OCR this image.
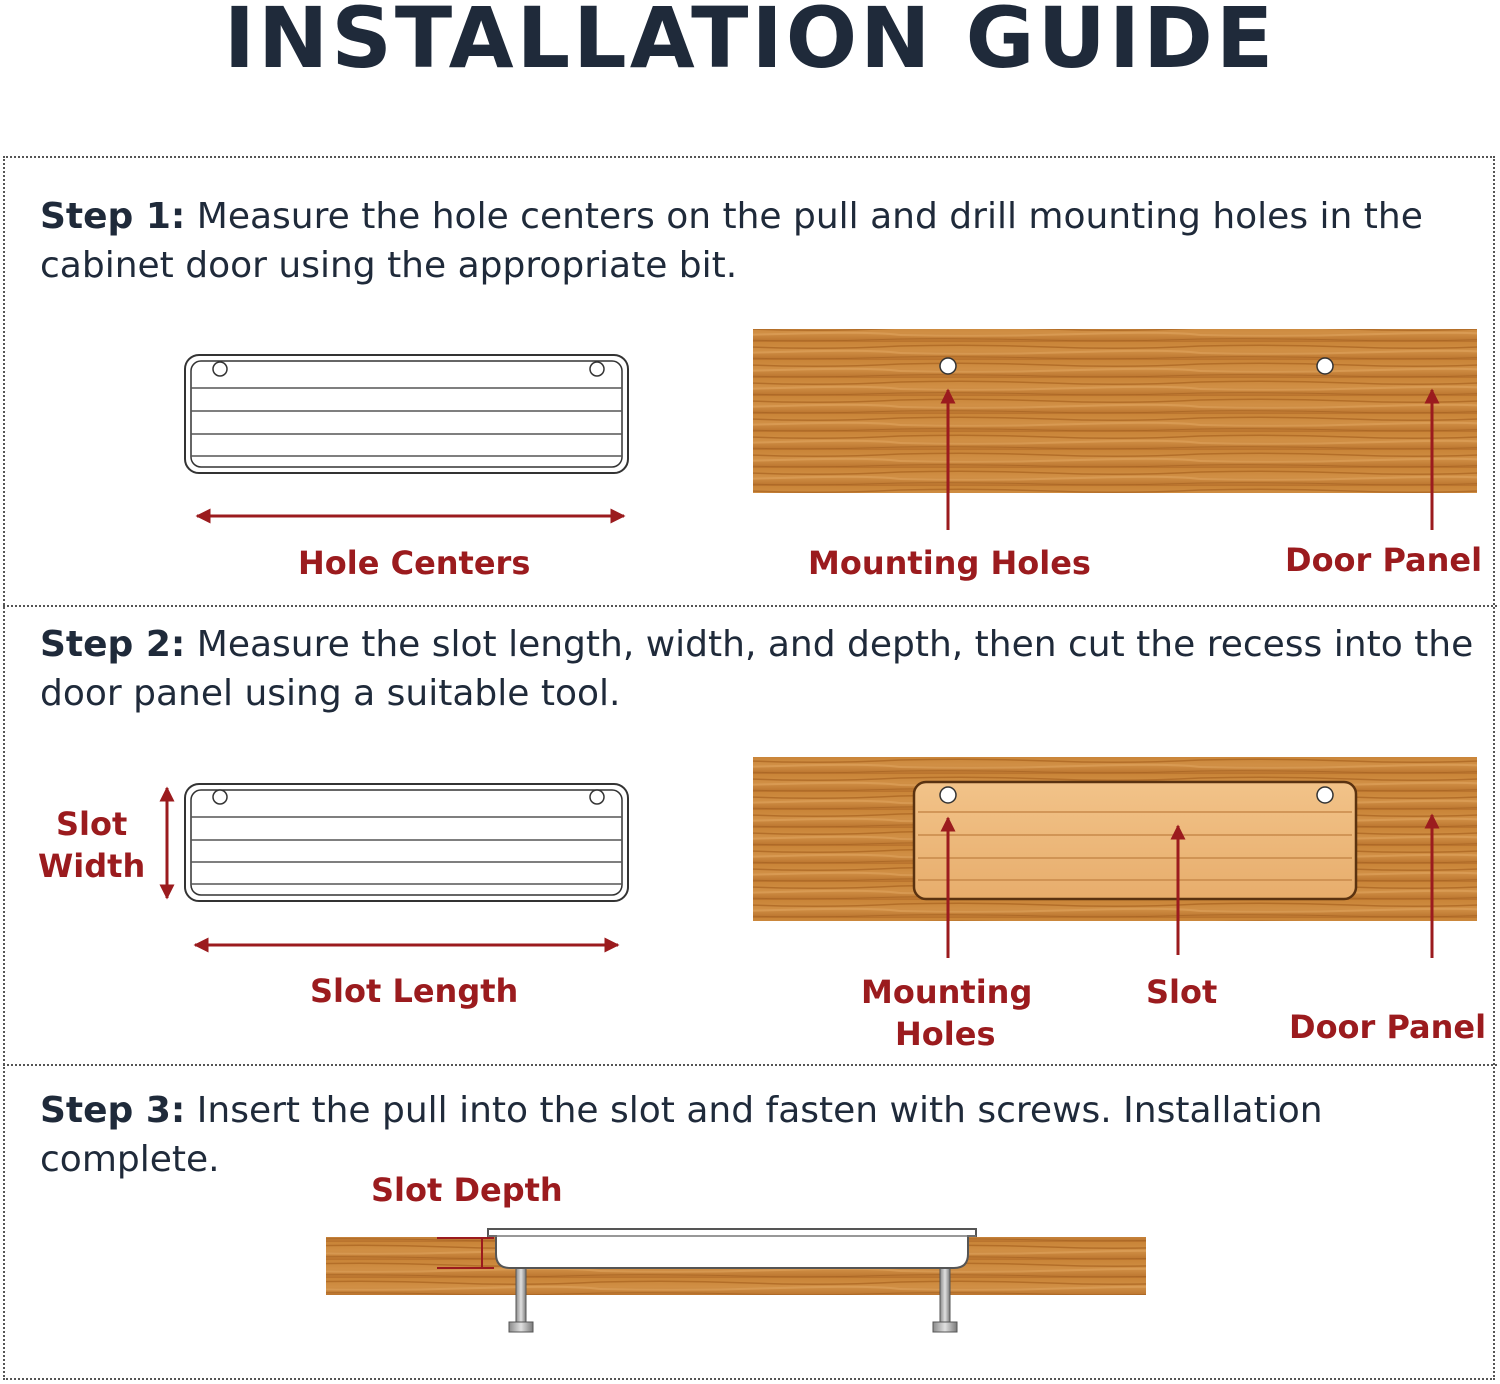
INSTALLATION GUIDE
Step 1: Measure the hole centers on the pull and drill mounting holes in the cabinet door using the appropriate bit.
Step 2: Measure the slot length, width, and depth, then cut the recess into the door panel using a suitable tool.
Step 3: Insert the pull into the slot and fasten with screws. Installation complete.
Hole Centers	Mounting Holes	Door Panel
Slot
Width
Slot Length	Mounting
Holes
Slot
Door Panel
Slot Depth
